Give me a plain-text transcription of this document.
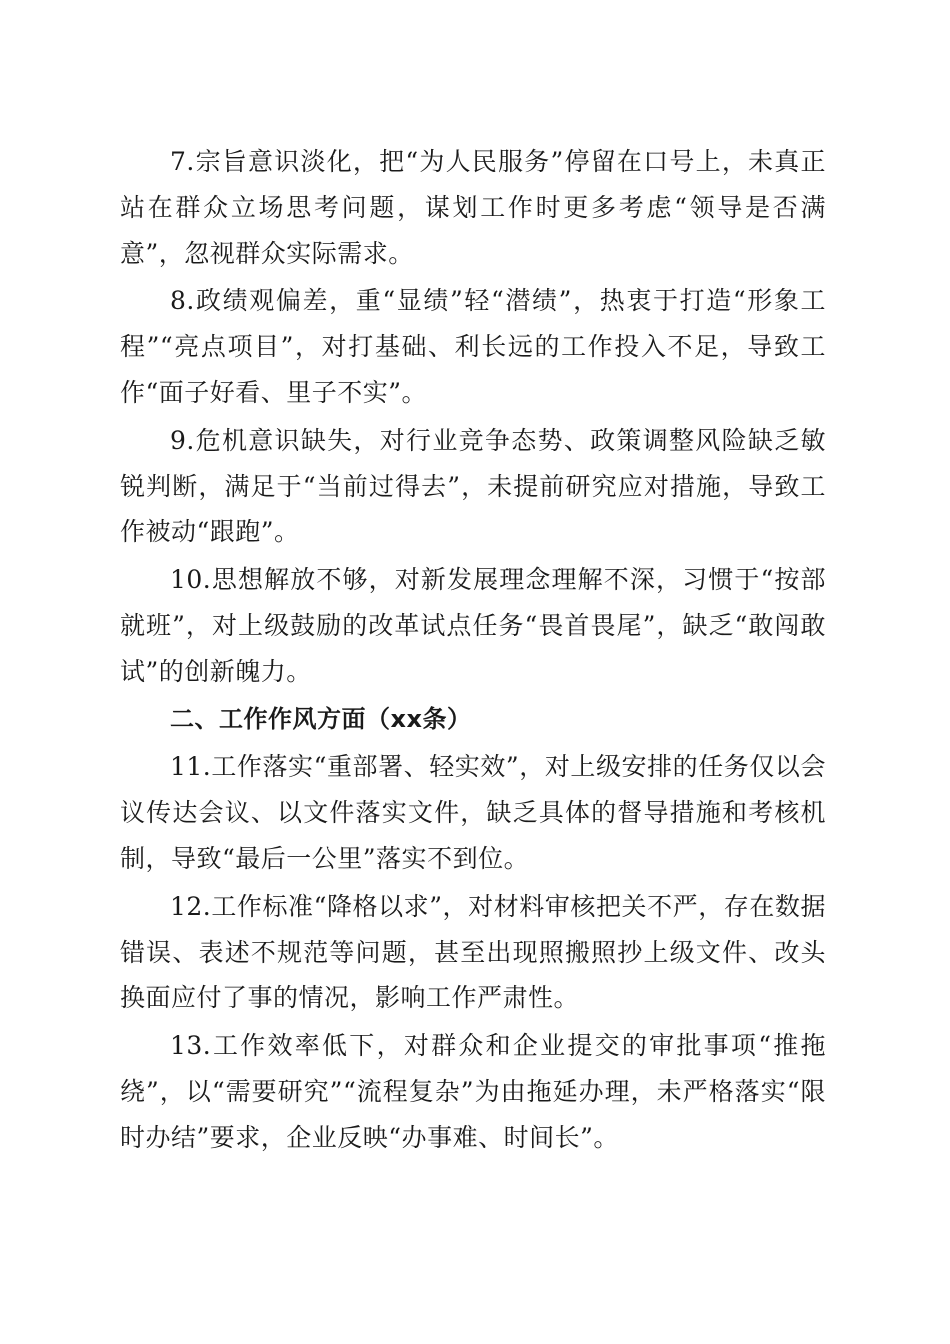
7.宗旨意识淡化，把“为人民服务”停留在口号上，未真正站在群众立场思考问题，谋划工作时更多考虑“领导是否满意”，忽视群众实际需求。

8.政绩观偏差，重“显绩”轻“潜绩”，热衷于打造“形象工程”“亮点项目”，对打基础、利长远的工作投入不足，导致工作“面子好看、里子不实”。

9.危机意识缺失，对行业竞争态势、政策调整风险缺乏敏锐判断，满足于“当前过得去”，未提前研究应对措施，导致工作被动“跟跑”。

10.思想解放不够，对新发展理念理解不深，习惯于“按部就班”，对上级鼓励的改革试点任务“畏首畏尾”，缺乏“敢闯敢试”的创新魄力。

二、工作作风方面（xx条）

11.工作落实“重部署、轻实效”，对上级安排的任务仅以会议传达会议、以文件落实文件，缺乏具体的督导措施和考核机制，导致“最后一公里”落实不到位。

12.工作标准“降格以求”，对材料审核把关不严，存在数据错误、表述不规范等问题，甚至出现照搬照抄上级文件、改头换面应付了事的情况，影响工作严肃性。

13.工作效率低下，对群众和企业提交的审批事项“推拖绕”，以“需要研究”“流程复杂”为由拖延办理，未严格落实“限时办结”要求，企业反映“办事难、时间长”。
